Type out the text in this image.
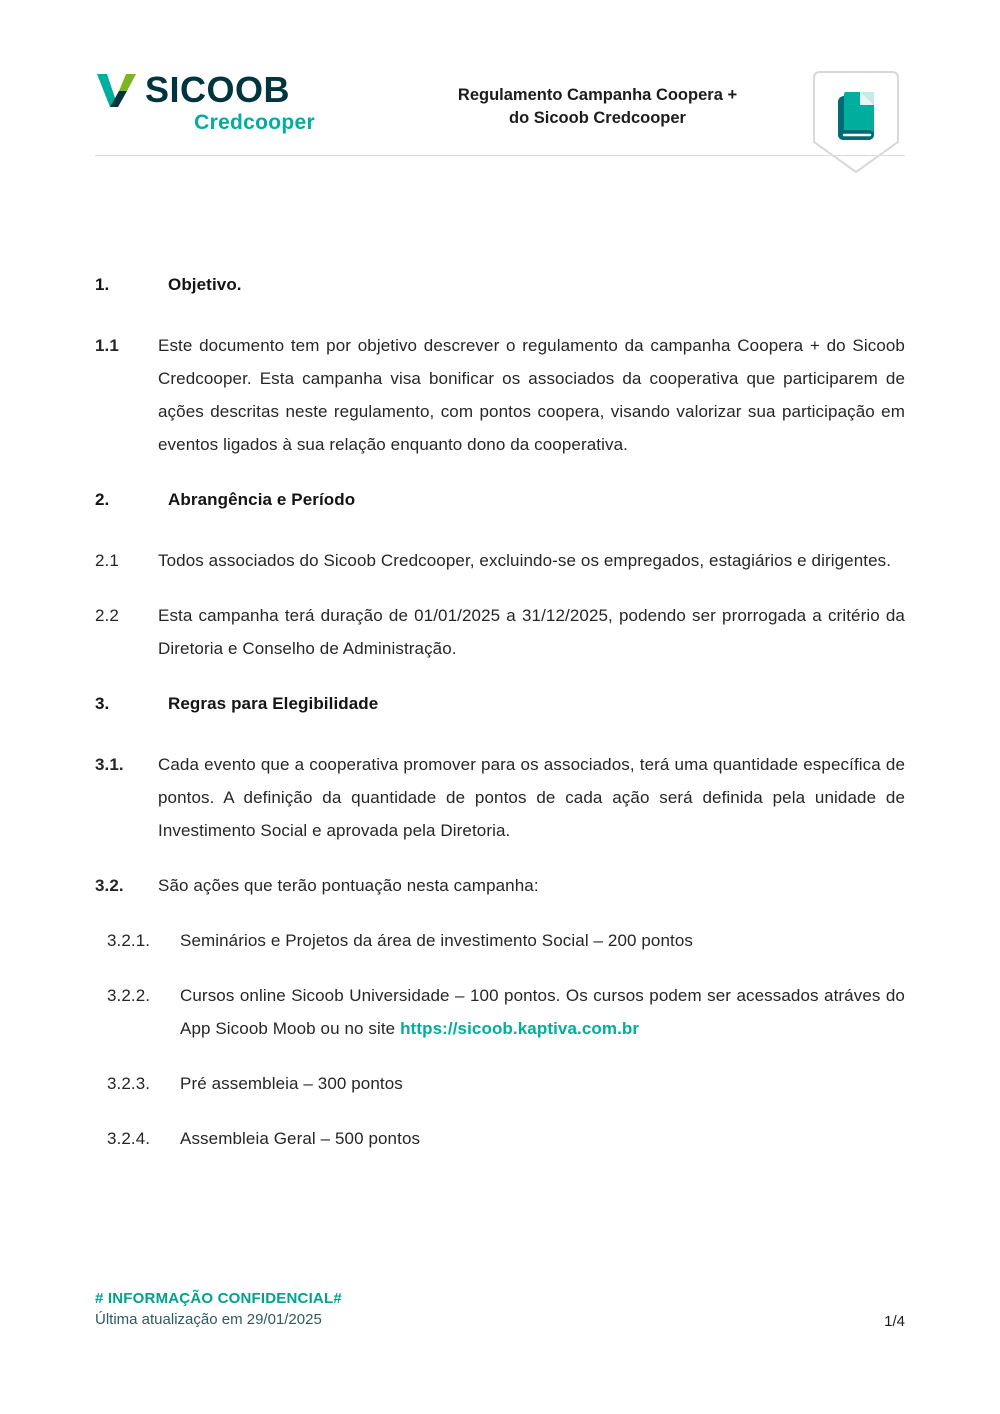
SICOOB
Credcooper
Regulamento Campanha Coopera +
do Sicoob Credcooper
1.	Objetivo.
1.1	Este documento tem por objetivo descrever o regulamento da campanha Coopera + do Sicoob Credcooper. Esta campanha visa bonificar os associados da cooperativa que participarem de ações descritas neste regulamento, com pontos coopera, visando valorizar sua participação em eventos ligados à sua relação enquanto dono da cooperativa.
2.	Abrangência e Período
2.1	Todos associados do Sicoob Credcooper, excluindo-se os empregados, estagiários e dirigentes.
2.2	Esta campanha terá duração de 01/01/2025 a 31/12/2025, podendo ser prorrogada a critério da Diretoria e Conselho de Administração.
3.	Regras para Elegibilidade
3.1.	Cada evento que a cooperativa promover para os associados, terá uma quantidade específica de pontos. A definição da quantidade de pontos de cada ação será definida pela unidade de Investimento Social e aprovada pela Diretoria.
3.2.	São ações que terão pontuação nesta campanha:
3.2.1.	Seminários e Projetos da área de investimento Social – 200 pontos
3.2.2.	Cursos online Sicoob Universidade – 100 pontos. Os cursos podem ser acessados atráves do App Sicoob Moob ou no site https://sicoob.kaptiva.com.br
3.2.3.	Pré assembleia – 300 pontos
3.2.4.	Assembleia Geral – 500 pontos
# INFORMAÇÃO CONFIDENCIAL#
Última atualização em 29/01/2025	1/4
